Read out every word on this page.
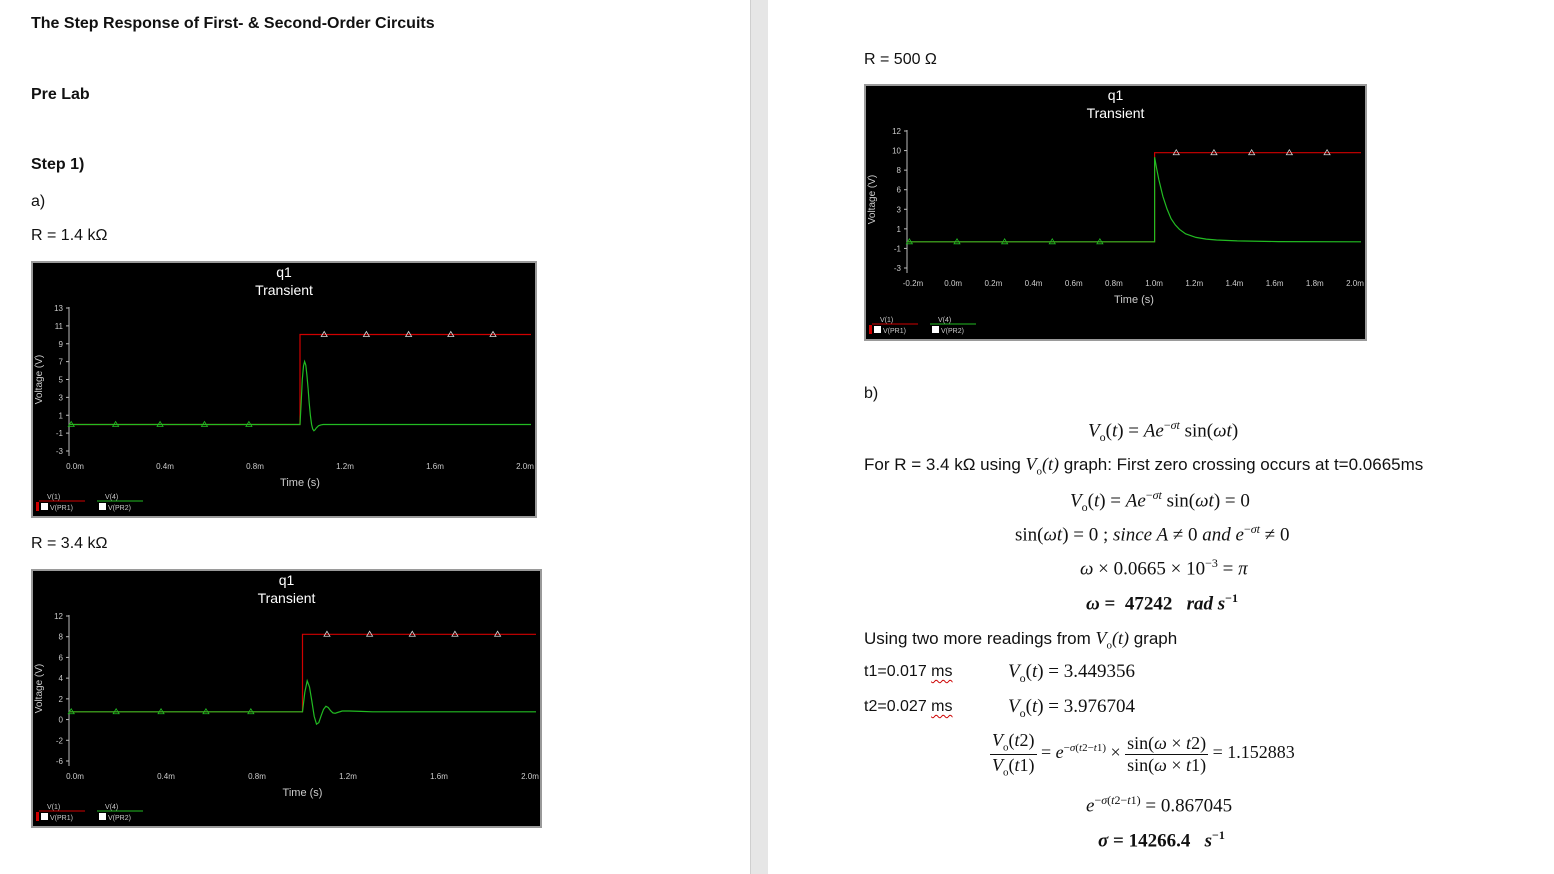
The Step Response of First- & Second-Order Circuits
Pre Lab
Step 1)
a)
R = 1.4 kΩ
q1
Transient
13
11
9
7
5
3
1
-1
-3
Voltage (V)
0.0m	0.4m	0.8m	1.2m	1.6m	2.0m
Time (s)
V(1)
V(PR1)
V(4)
V(PR2)
R = 3.4 kΩ
q1
Transient
12
8
6
4
2
0
-2
-6
Voltage (V)
0.0m	0.4m	0.8m	1.2m	1.6m	2.0m
Time (s)
V(1)
V(PR1)
V(4)
V(PR2)
R = 500 Ω
q1
Transient
12
10
8
6
3
1
-1
-3
Voltage (V)
-0.2m	0.0m	0.2m	0.4m	0.6m	0.8m	1.0m	1.2m	1.4m	1.6m	1.8m	2.0m
Time (s)
V(1)
V(PR1)
V(4)
V(PR2)
b)
$V_o(t) = Ae^{-\sigma t}$ sin(ωt)
For R = 3.4 kΩ using $V_o(t)$ graph: First zero crossing occurs at t=0.0665ms
$V_o(t) = Ae^{-\sigma t}$ sin(ωt) = 0
sin(ωt) = 0 ; since A ≠ 0 and $e^{-\sigma t} \ne 0$
$\omega \times 0.0665 \times 10^{-3} = \pi$
ω =  47242   rad $s^{-1}$
Using two more readings from $V_o(t)$ graph
t1=0.017 ms	$V_o(t) = 3.449356$
t2=0.027 ms	$V_o(t) = 3.976704$
$\frac{V_o(t2)}{V_o(t1)} = e^{-\sigma(t2-t1)} \times \frac{\sin(\omega \times t2)}{\sin(\omega \times t1)} = 1.152883$
$e^{-\sigma(t2-t1)} = 0.867045$
σ = 14266.4   $s^{-1}$
